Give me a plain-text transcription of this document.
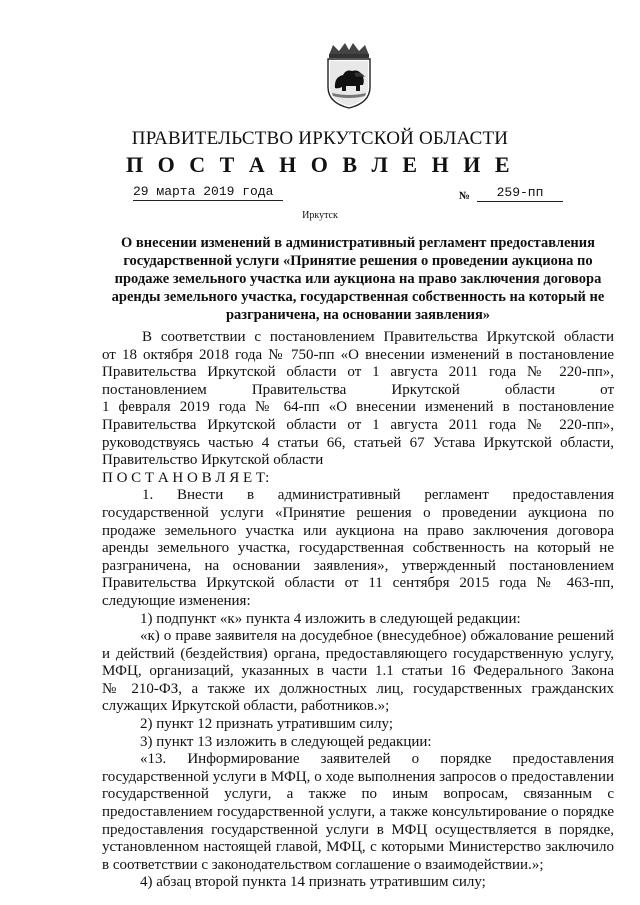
ПРАВИТЕЛЬСТВО ИРКУТСКОЙ ОБЛАСТИ
П О С Т А Н О В Л Е Н И Е
29 марта 2019 года	№	259-пп
Иркутск
О внесении изменений в административный регламент предоставления
государственной услуги «Принятие решения о проведении аукциона по
продаже земельного участка или аукциона на право заключения договора
аренды земельного участка, государственная собственность на который не
разграничена, на основании заявления»
В соответствии с постановлением Правительства Иркутской области
от 18 октября 2018 года № 750-пп «О внесении изменений в постановление
Правительства Иркутской области от 1 августа 2011 года № 220-пп»,
постановлением Правительства Иркутской области от
1 февраля 2019 года № 64-пп «О внесении изменений в постановление
Правительства Иркутской области от 1 августа 2011 года № 220-пп»,
руководствуясь частью 4 статьи 66, статьей 67 Устава Иркутской области,
Правительство Иркутской области
П О С Т А Н О В Л Я Е Т:
1. Внести в административный регламент предоставления
государственной услуги «Принятие решения о проведении аукциона по
продаже земельного участка или аукциона на право заключения договора
аренды земельного участка, государственная собственность на который не
разграничена, на основании заявления», утвержденный постановлением
Правительства Иркутской области от 11 сентября 2015 года № 463-пп,
следующие изменения:
1) подпункт «к» пункта 4 изложить в следующей редакции:
«к) о праве заявителя на досудебное (внесудебное) обжалование решений
и действий (бездействия) органа, предоставляющего государственную услугу,
МФЦ, организаций, указанных в части 1.1 статьи 16 Федерального Закона
№ 210-ФЗ, а также их должностных лиц, государственных гражданских
служащих Иркутской области, работников.»;
2) пункт 12 признать утратившим силу;
3) пункт 13 изложить в следующей редакции:
«13. Информирование заявителей о порядке предоставления
государственной услуги в МФЦ, о ходе выполнения запросов о предоставлении
государственной услуги, а также по иным вопросам, связанным с
предоставлением государственной услуги, а также консультирование о порядке
предоставления государственной услуги в МФЦ осуществляется в порядке,
установленном настоящей главой, МФЦ, с которыми Министерство заключило
в соответствии с законодательством соглашение о взаимодействии.»;
4) абзац второй пункта 14 признать утратившим силу;
